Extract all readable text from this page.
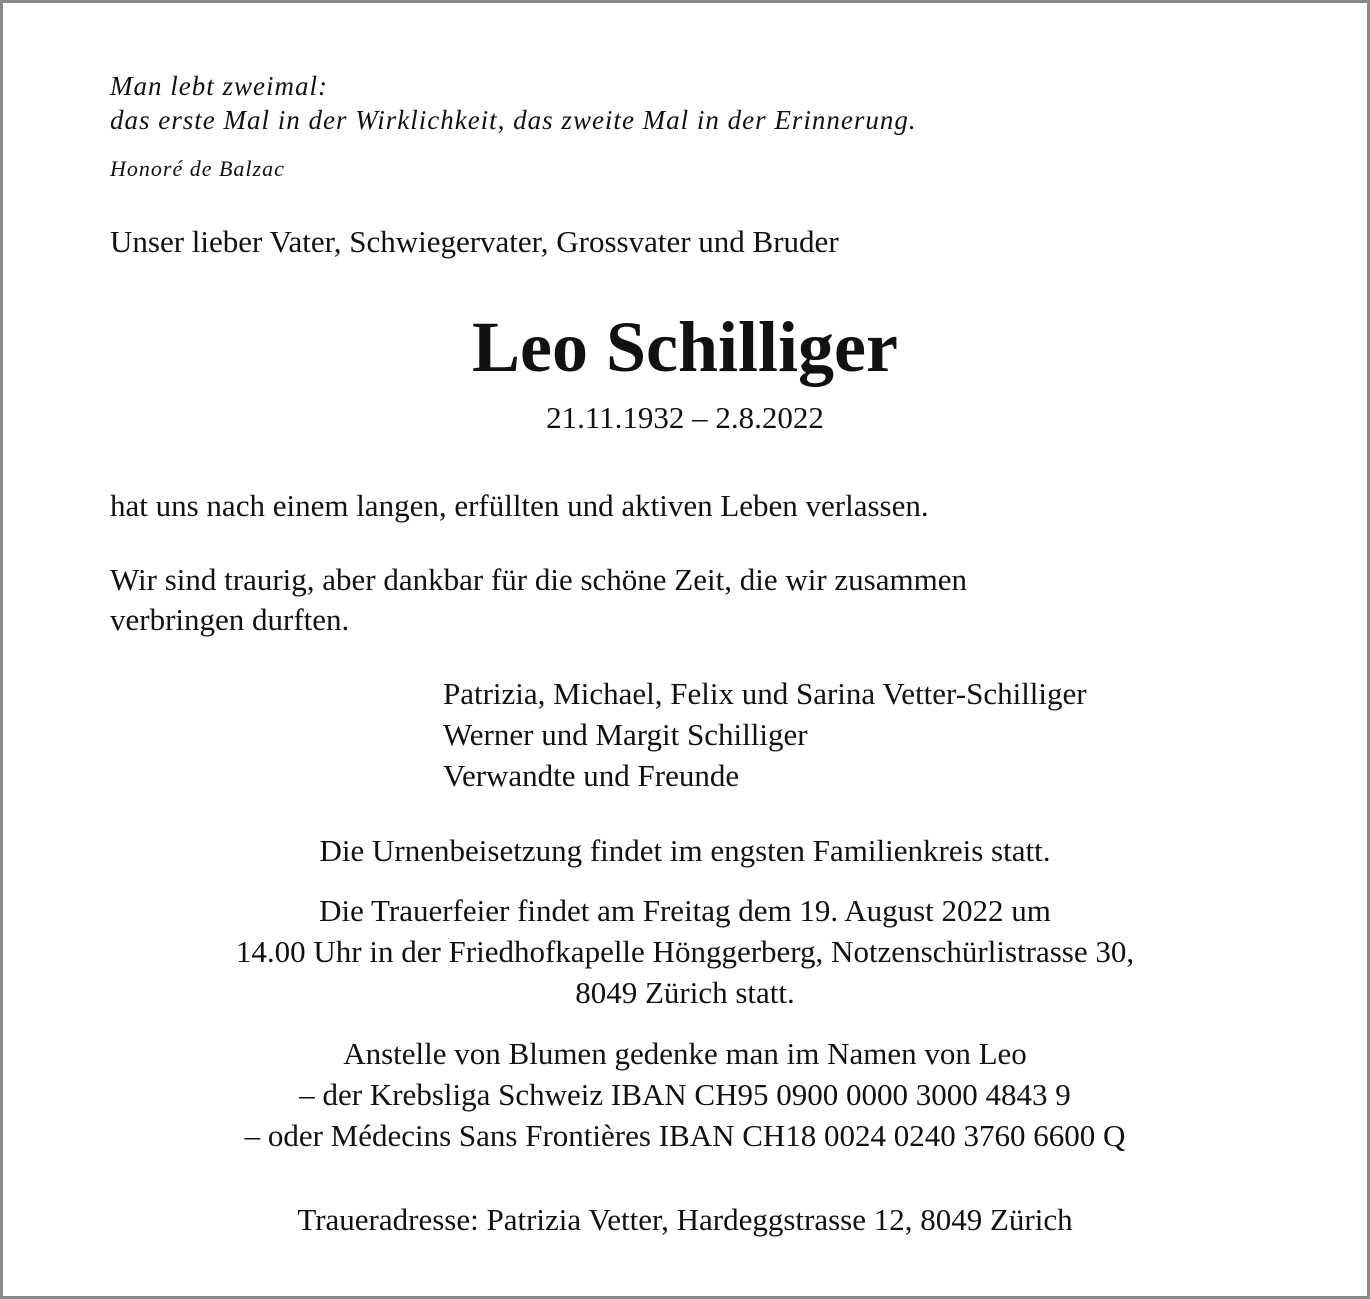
Man lebt zweimal:
das erste Mal in der Wirklichkeit, das zweite Mal in der Erinnerung.
Honoré de Balzac
Unser lieber Vater, Schwiegervater, Grossvater und Bruder
Leo Schilliger
21.11.1932 – 2.8.2022
hat uns nach einem langen, erfüllten und aktiven Leben verlassen.
Wir sind traurig, aber dankbar für die schöne Zeit, die wir zusammen
verbringen durften.
Patrizia, Michael, Felix und Sarina Vetter-Schilliger
Werner und Margit Schilliger
Verwandte und Freunde
Die Urnenbeisetzung findet im engsten Familienkreis statt.
Die Trauerfeier findet am Freitag dem 19. August 2022 um
14.00 Uhr in der Friedhofkapelle Hönggerberg, Notzenschürlistrasse 30,
8049 Zürich statt.
Anstelle von Blumen gedenke man im Namen von Leo
– der Krebsliga Schweiz IBAN CH95 0900 0000 3000 4843 9
– oder Médecins Sans Frontières IBAN CH18 0024 0240 3760 6600 Q
Traueradresse: Patrizia Vetter, Hardeggstrasse 12, 8049 Zürich
